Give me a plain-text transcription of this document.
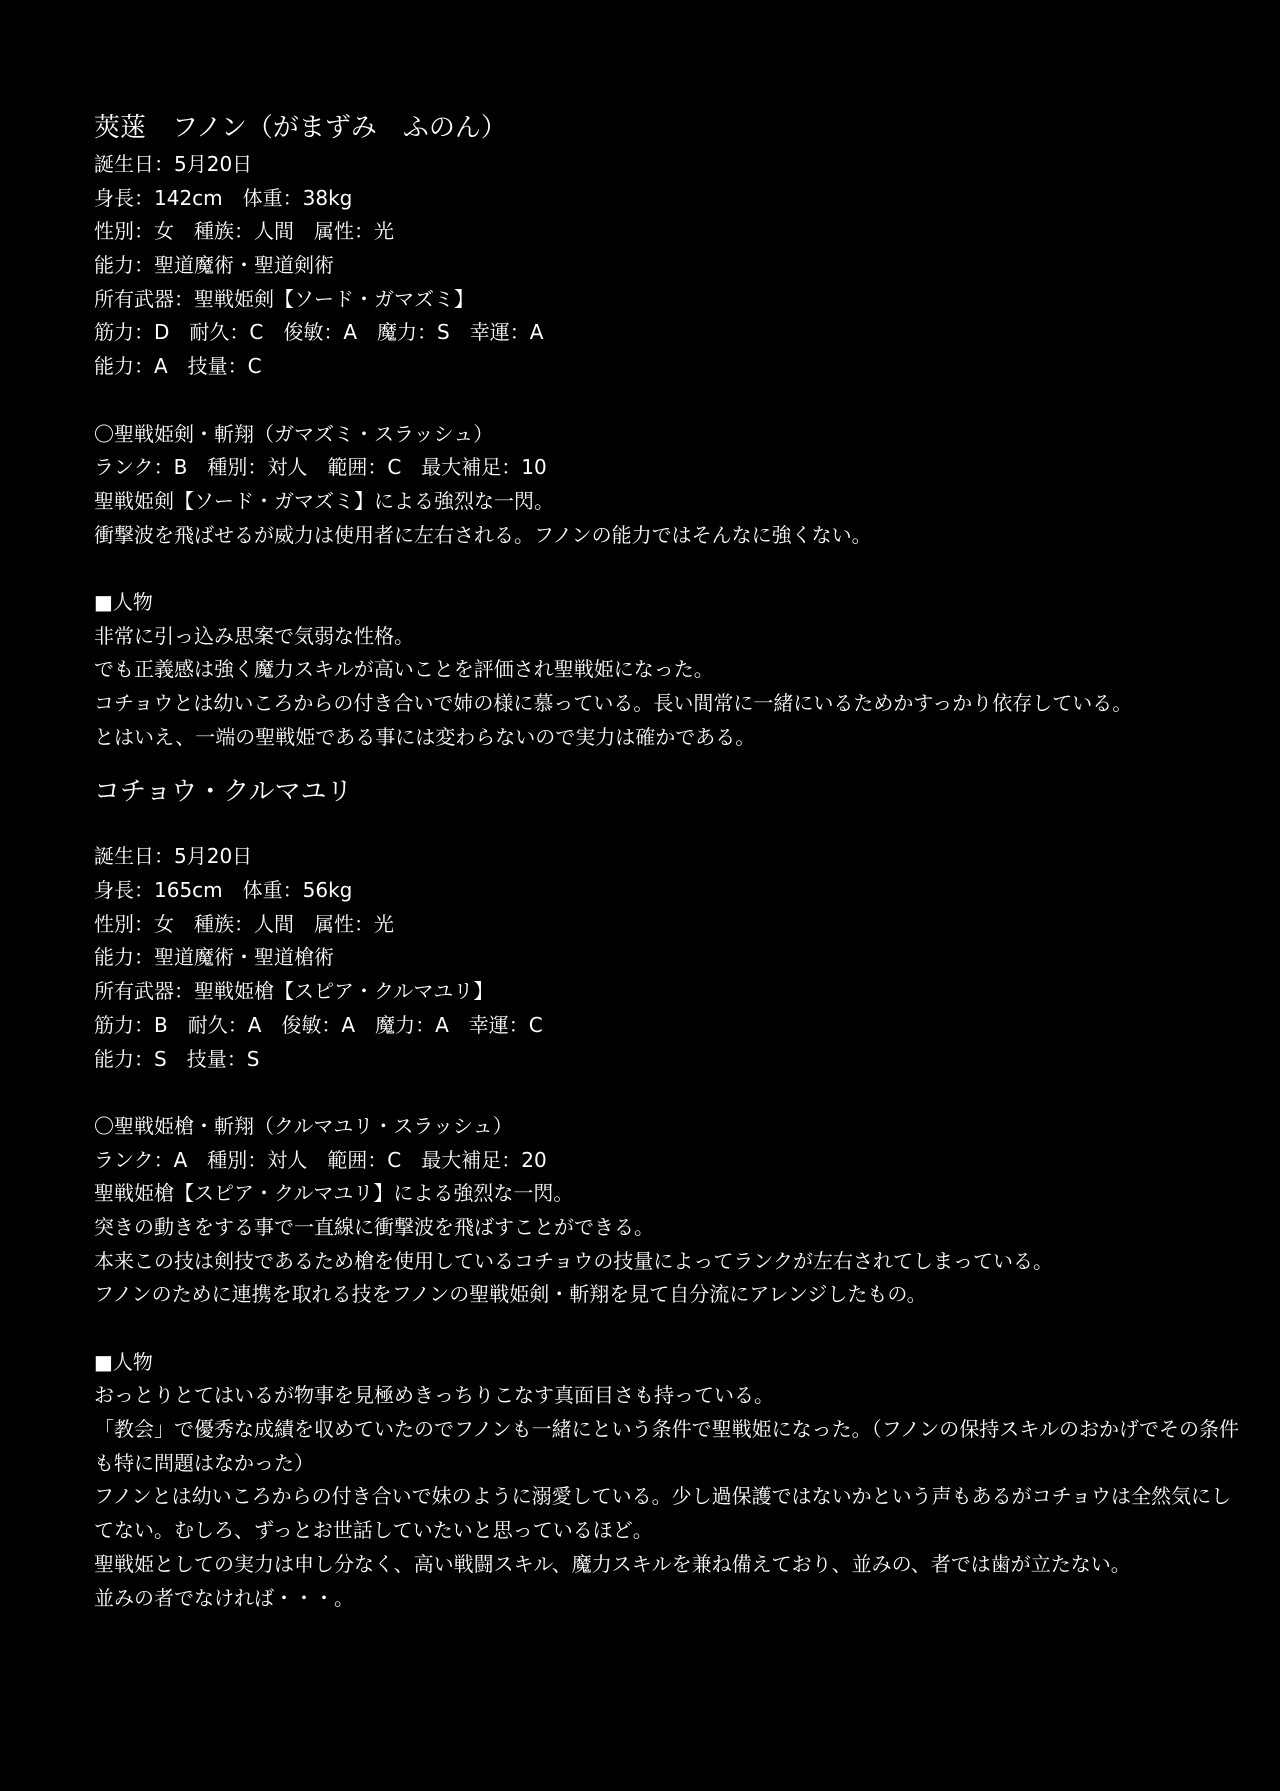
莢蒾　フノン（がまずみ　ふのん）
誕生日：5月20日
身長：142cm　体重：38kg
性別：女　種族：人間　属性：光
能力：聖道魔術・聖道剣術
所有武器：聖戦姫剣【ソード・ガマズミ】
筋力：D　耐久：C　俊敏：A　魔力：S　幸運：A
能力：A　技量：C
〇聖戦姫剣・斬翔（ガマズミ・スラッシュ）
ランク：B　種別：対人　範囲：C　最大補足：10
聖戦姫剣【ソード・ガマズミ】による強烈な一閃。
衝撃波を飛ばせるが威力は使用者に左右される。フノンの能力ではそんなに強くない。
■人物
非常に引っ込み思案で気弱な性格。
でも正義感は強く魔力スキルが高いことを評価され聖戦姫になった。
コチョウとは幼いころからの付き合いで姉の様に慕っている。長い間常に一緒にいるためかすっかり依存している。
とはいえ、一端の聖戦姫である事には変わらないので実力は確かである。
コチョウ・クルマユリ
誕生日：5月20日
身長：165cm　体重：56kg
性別：女　種族：人間　属性：光
能力：聖道魔術・聖道槍術
所有武器：聖戦姫槍【スピア・クルマユリ】
筋力：B　耐久：A　俊敏：A　魔力：A　幸運：C
能力：S　技量：S
〇聖戦姫槍・斬翔（クルマユリ・スラッシュ）
ランク：A　種別：対人　範囲：C　最大補足：20
聖戦姫槍【スピア・クルマユリ】による強烈な一閃。
突きの動きをする事で一直線に衝撃波を飛ばすことができる。
本来この技は剣技であるため槍を使用しているコチョウの技量によってランクが左右されてしまっている。
フノンのために連携を取れる技をフノンの聖戦姫剣・斬翔を見て自分流にアレンジしたもの。
■人物
おっとりとてはいるが物事を見極めきっちりこなす真面目さも持っている。
「教会」で優秀な成績を収めていたのでフノンも一緒にという条件で聖戦姫になった。（フノンの保持スキルのおかげでその条件も特に問題はなかった）
フノンとは幼いころからの付き合いで妹のように溺愛している。少し過保護ではないかという声もあるがコチョウは全然気にしてない。むしろ、ずっとお世話していたいと思っているほど。
聖戦姫としての実力は申し分なく、高い戦闘スキル、魔力スキルを兼ね備えており、並みの、者では歯が立たない。
並みの者でなければ・・・。
